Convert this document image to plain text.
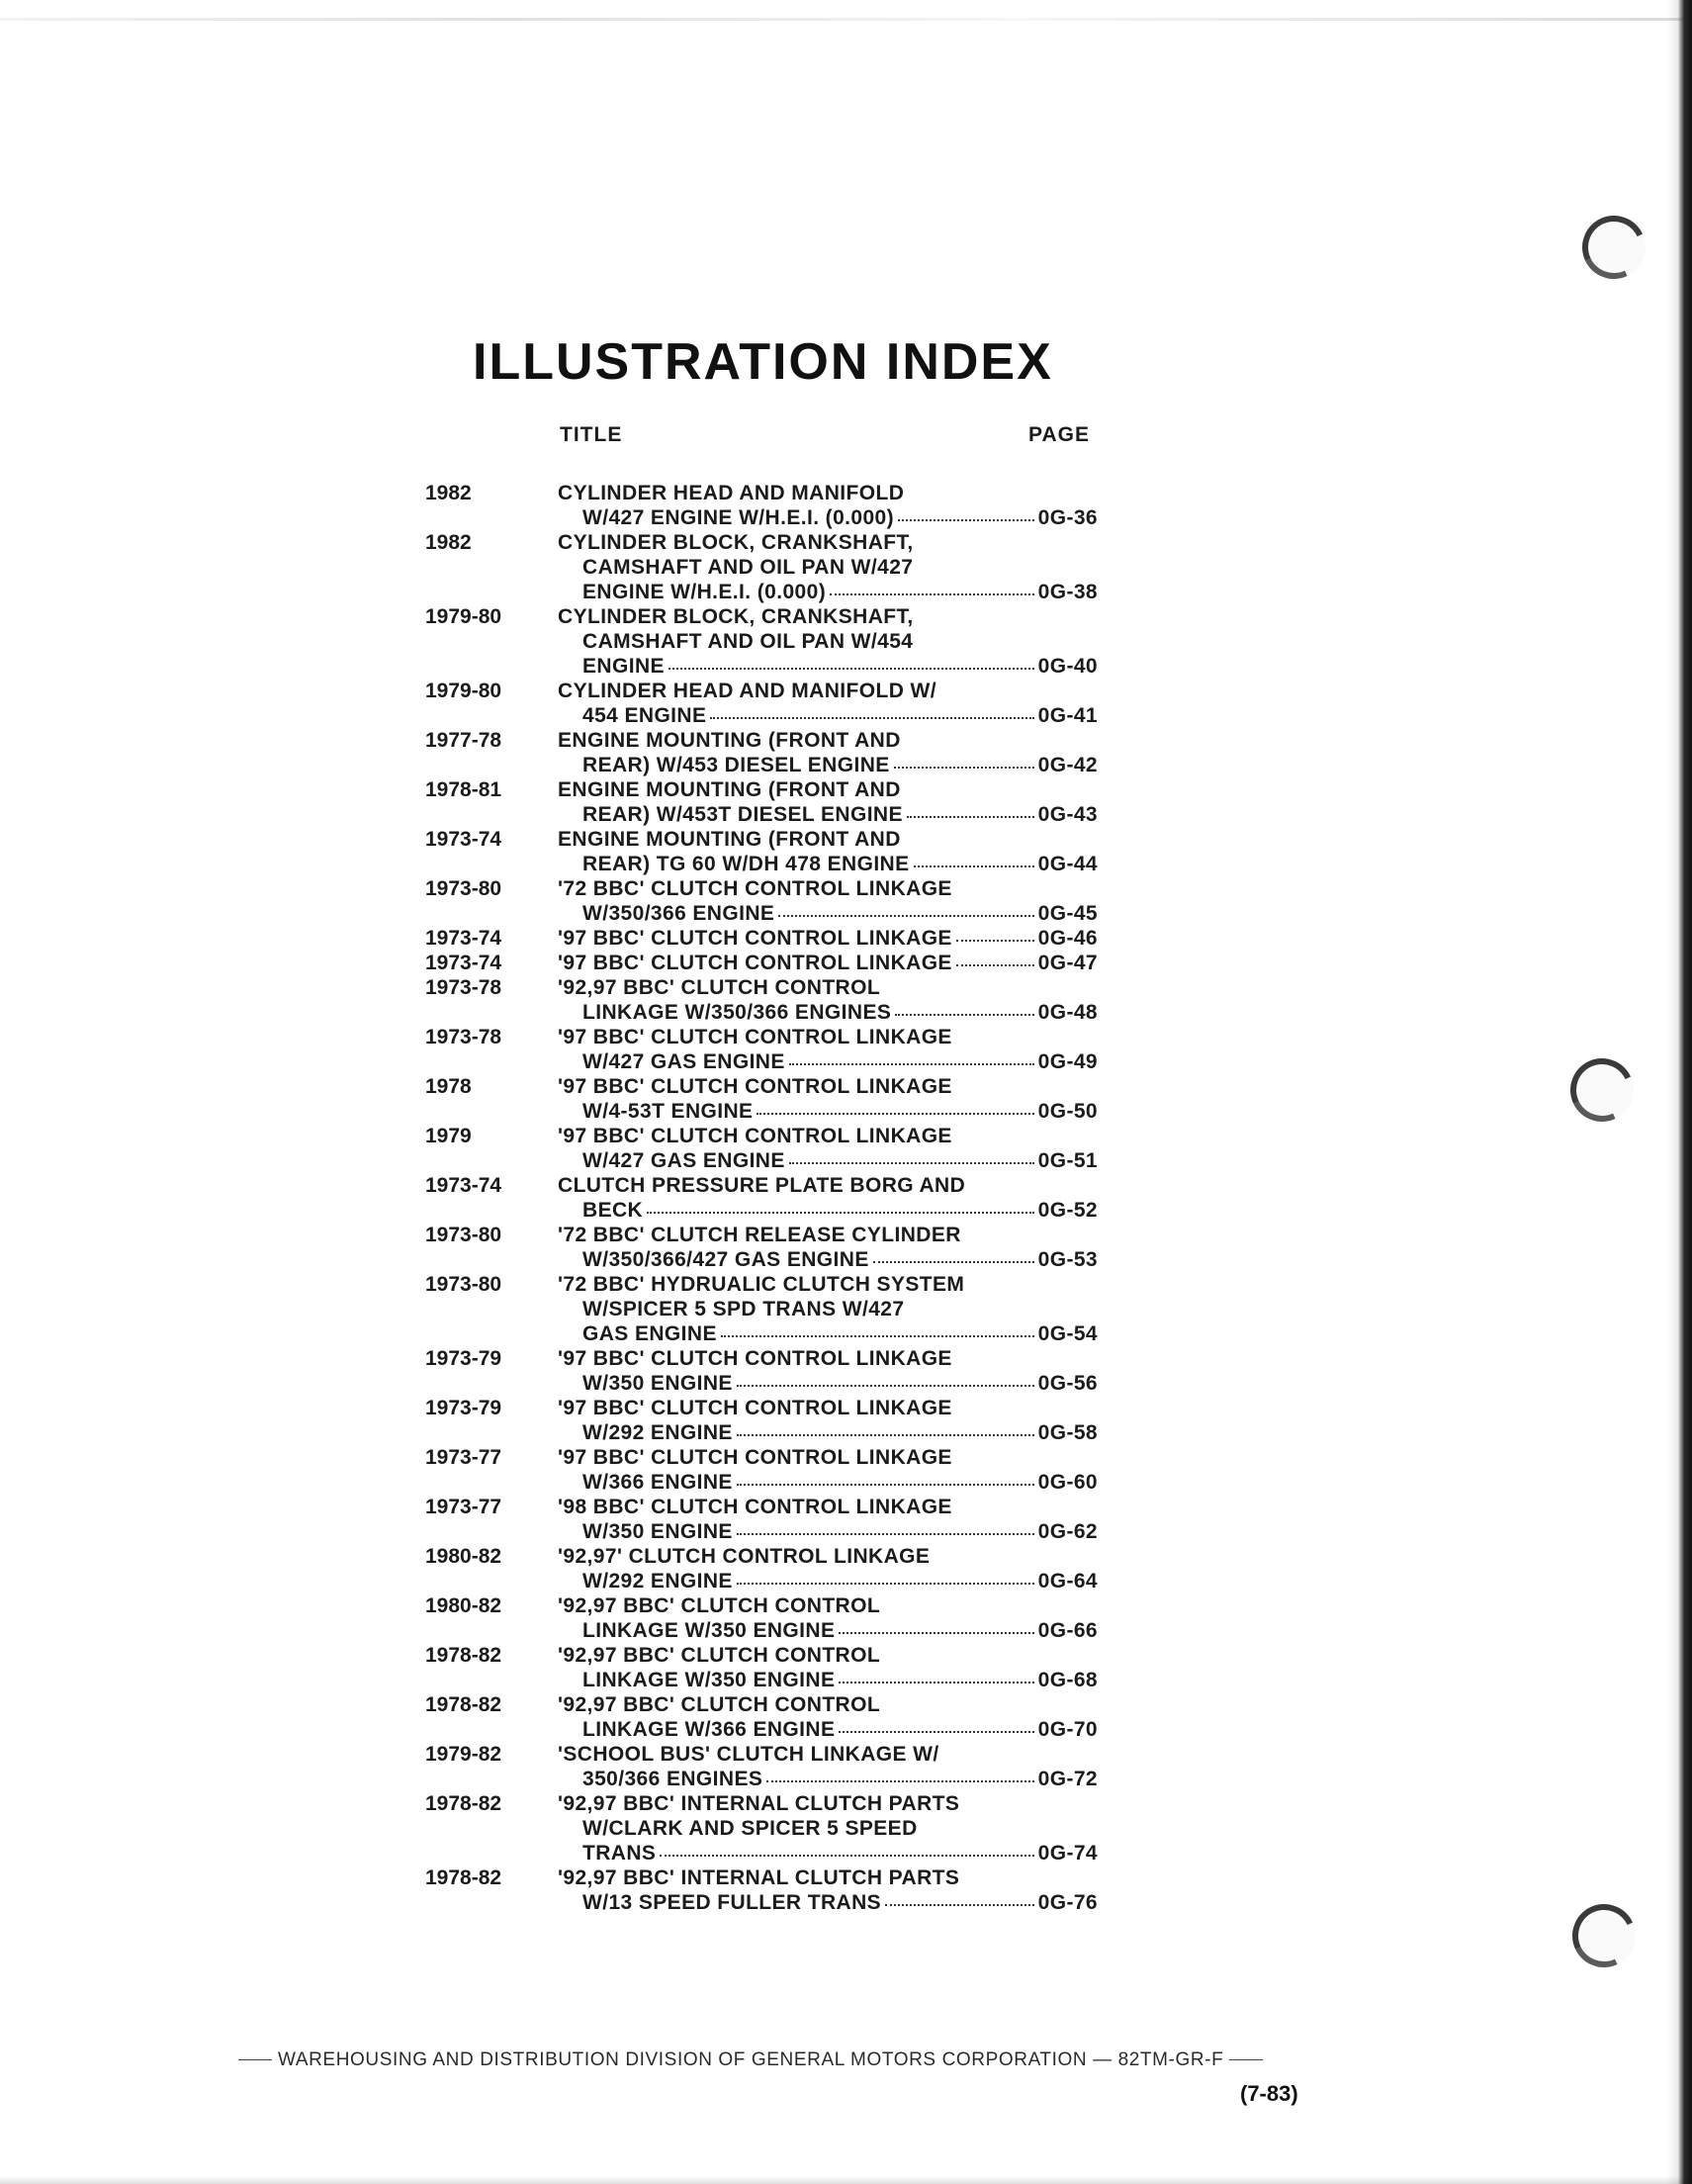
ILLUSTRATION INDEX
TITLE	PAGE
1982	CYLINDER HEAD AND MANIFOLD
W/427 ENGINE W/H.E.I. (0.000)	0G-36
1982	CYLINDER BLOCK, CRANKSHAFT,
CAMSHAFT AND OIL PAN W/427
ENGINE W/H.E.I. (0.000)	0G-38
1979-80	CYLINDER BLOCK, CRANKSHAFT,
CAMSHAFT AND OIL PAN W/454
ENGINE	0G-40
1979-80	CYLINDER HEAD AND MANIFOLD W/
454 ENGINE	0G-41
1977-78	ENGINE MOUNTING (FRONT AND
REAR) W/453 DIESEL ENGINE	0G-42
1978-81	ENGINE MOUNTING (FRONT AND
REAR) W/453T DIESEL ENGINE	0G-43
1973-74	ENGINE MOUNTING (FRONT AND
REAR) TG 60 W/DH 478 ENGINE	0G-44
1973-80	'72 BBC' CLUTCH CONTROL LINKAGE
W/350/366 ENGINE	0G-45
1973-74	'97 BBC' CLUTCH CONTROL LINKAGE	0G-46
1973-74	'97 BBC' CLUTCH CONTROL LINKAGE	0G-47
1973-78	'92,97 BBC' CLUTCH CONTROL
LINKAGE W/350/366 ENGINES	0G-48
1973-78	'97 BBC' CLUTCH CONTROL LINKAGE
W/427 GAS ENGINE	0G-49
1978	'97 BBC' CLUTCH CONTROL LINKAGE
W/4-53T ENGINE	0G-50
1979	'97 BBC' CLUTCH CONTROL LINKAGE
W/427 GAS ENGINE	0G-51
1973-74	CLUTCH PRESSURE PLATE BORG AND
BECK	0G-52
1973-80	'72 BBC' CLUTCH RELEASE CYLINDER
W/350/366/427 GAS ENGINE	0G-53
1973-80	'72 BBC' HYDRUALIC CLUTCH SYSTEM
W/SPICER 5 SPD TRANS W/427
GAS ENGINE	0G-54
1973-79	'97 BBC' CLUTCH CONTROL LINKAGE
W/350 ENGINE	0G-56
1973-79	'97 BBC' CLUTCH CONTROL LINKAGE
W/292 ENGINE	0G-58
1973-77	'97 BBC' CLUTCH CONTROL LINKAGE
W/366 ENGINE	0G-60
1973-77	'98 BBC' CLUTCH CONTROL LINKAGE
W/350 ENGINE	0G-62
1980-82	'92,97' CLUTCH CONTROL LINKAGE
W/292 ENGINE	0G-64
1980-82	'92,97 BBC' CLUTCH CONTROL
LINKAGE W/350 ENGINE	0G-66
1978-82	'92,97 BBC' CLUTCH CONTROL
LINKAGE W/350 ENGINE	0G-68
1978-82	'92,97 BBC' CLUTCH CONTROL
LINKAGE W/366 ENGINE	0G-70
1979-82	'SCHOOL BUS' CLUTCH LINKAGE W/
350/366 ENGINES	0G-72
1978-82	'92,97 BBC' INTERNAL CLUTCH PARTS
W/CLARK AND SPICER 5 SPEED
TRANS	0G-74
1978-82	'92,97 BBC' INTERNAL CLUTCH PARTS
W/13 SPEED FULLER TRANS	0G-76
WAREHOUSING AND DISTRIBUTION DIVISION OF GENERAL MOTORS CORPORATION — 82TM-GR-F
(7-83)
